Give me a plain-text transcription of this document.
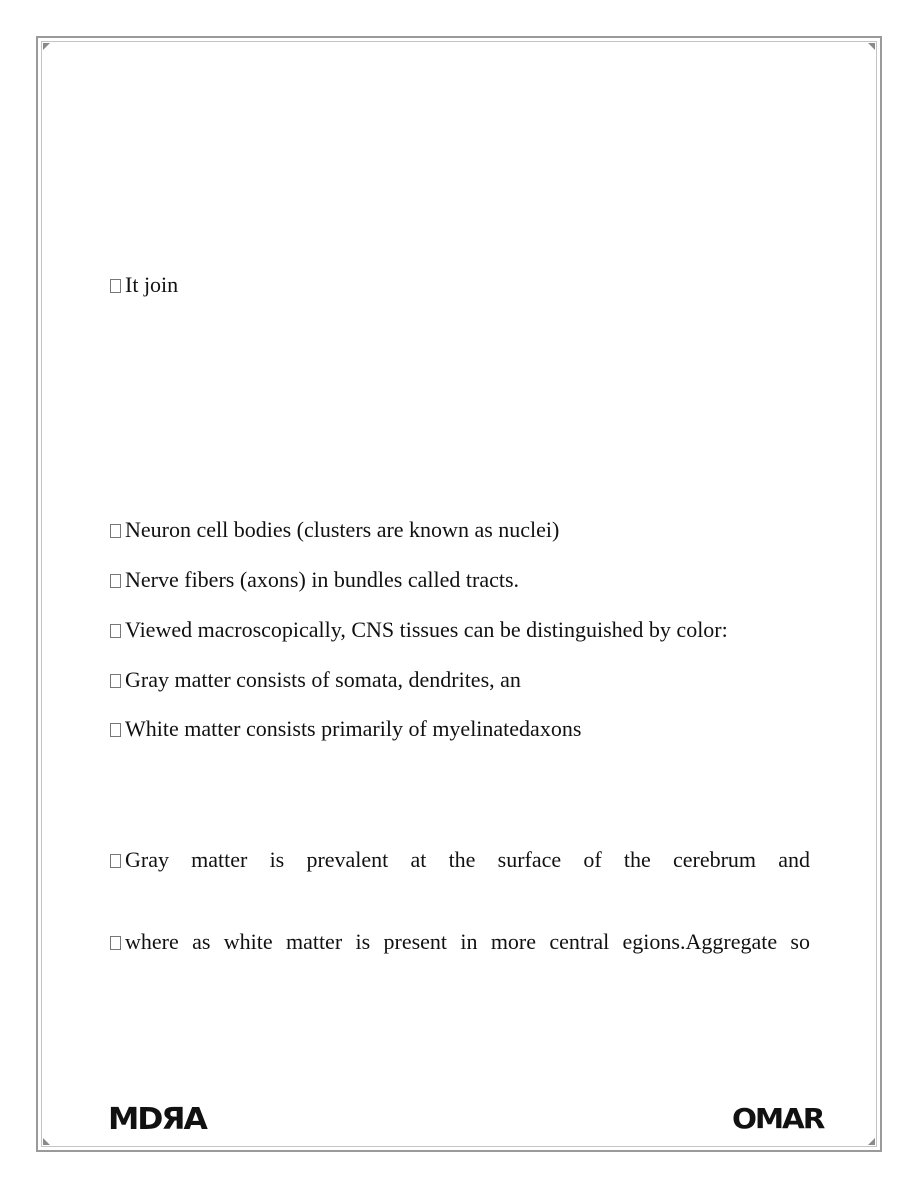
It join
Neuron cell bodies (clusters are known as nuclei)
Nerve fibers (axons) in bundles called tracts.
Viewed macroscopically, CNS tissues can be distinguished by color:
Gray matter consists of somata, dendrites, an
White matter consists primarily of myelinatedaxons
Gray matter is prevalent at the surface of the cerebrum and
where as white matter is present in more central egions.Aggregate so
MDЯA	OMAR
